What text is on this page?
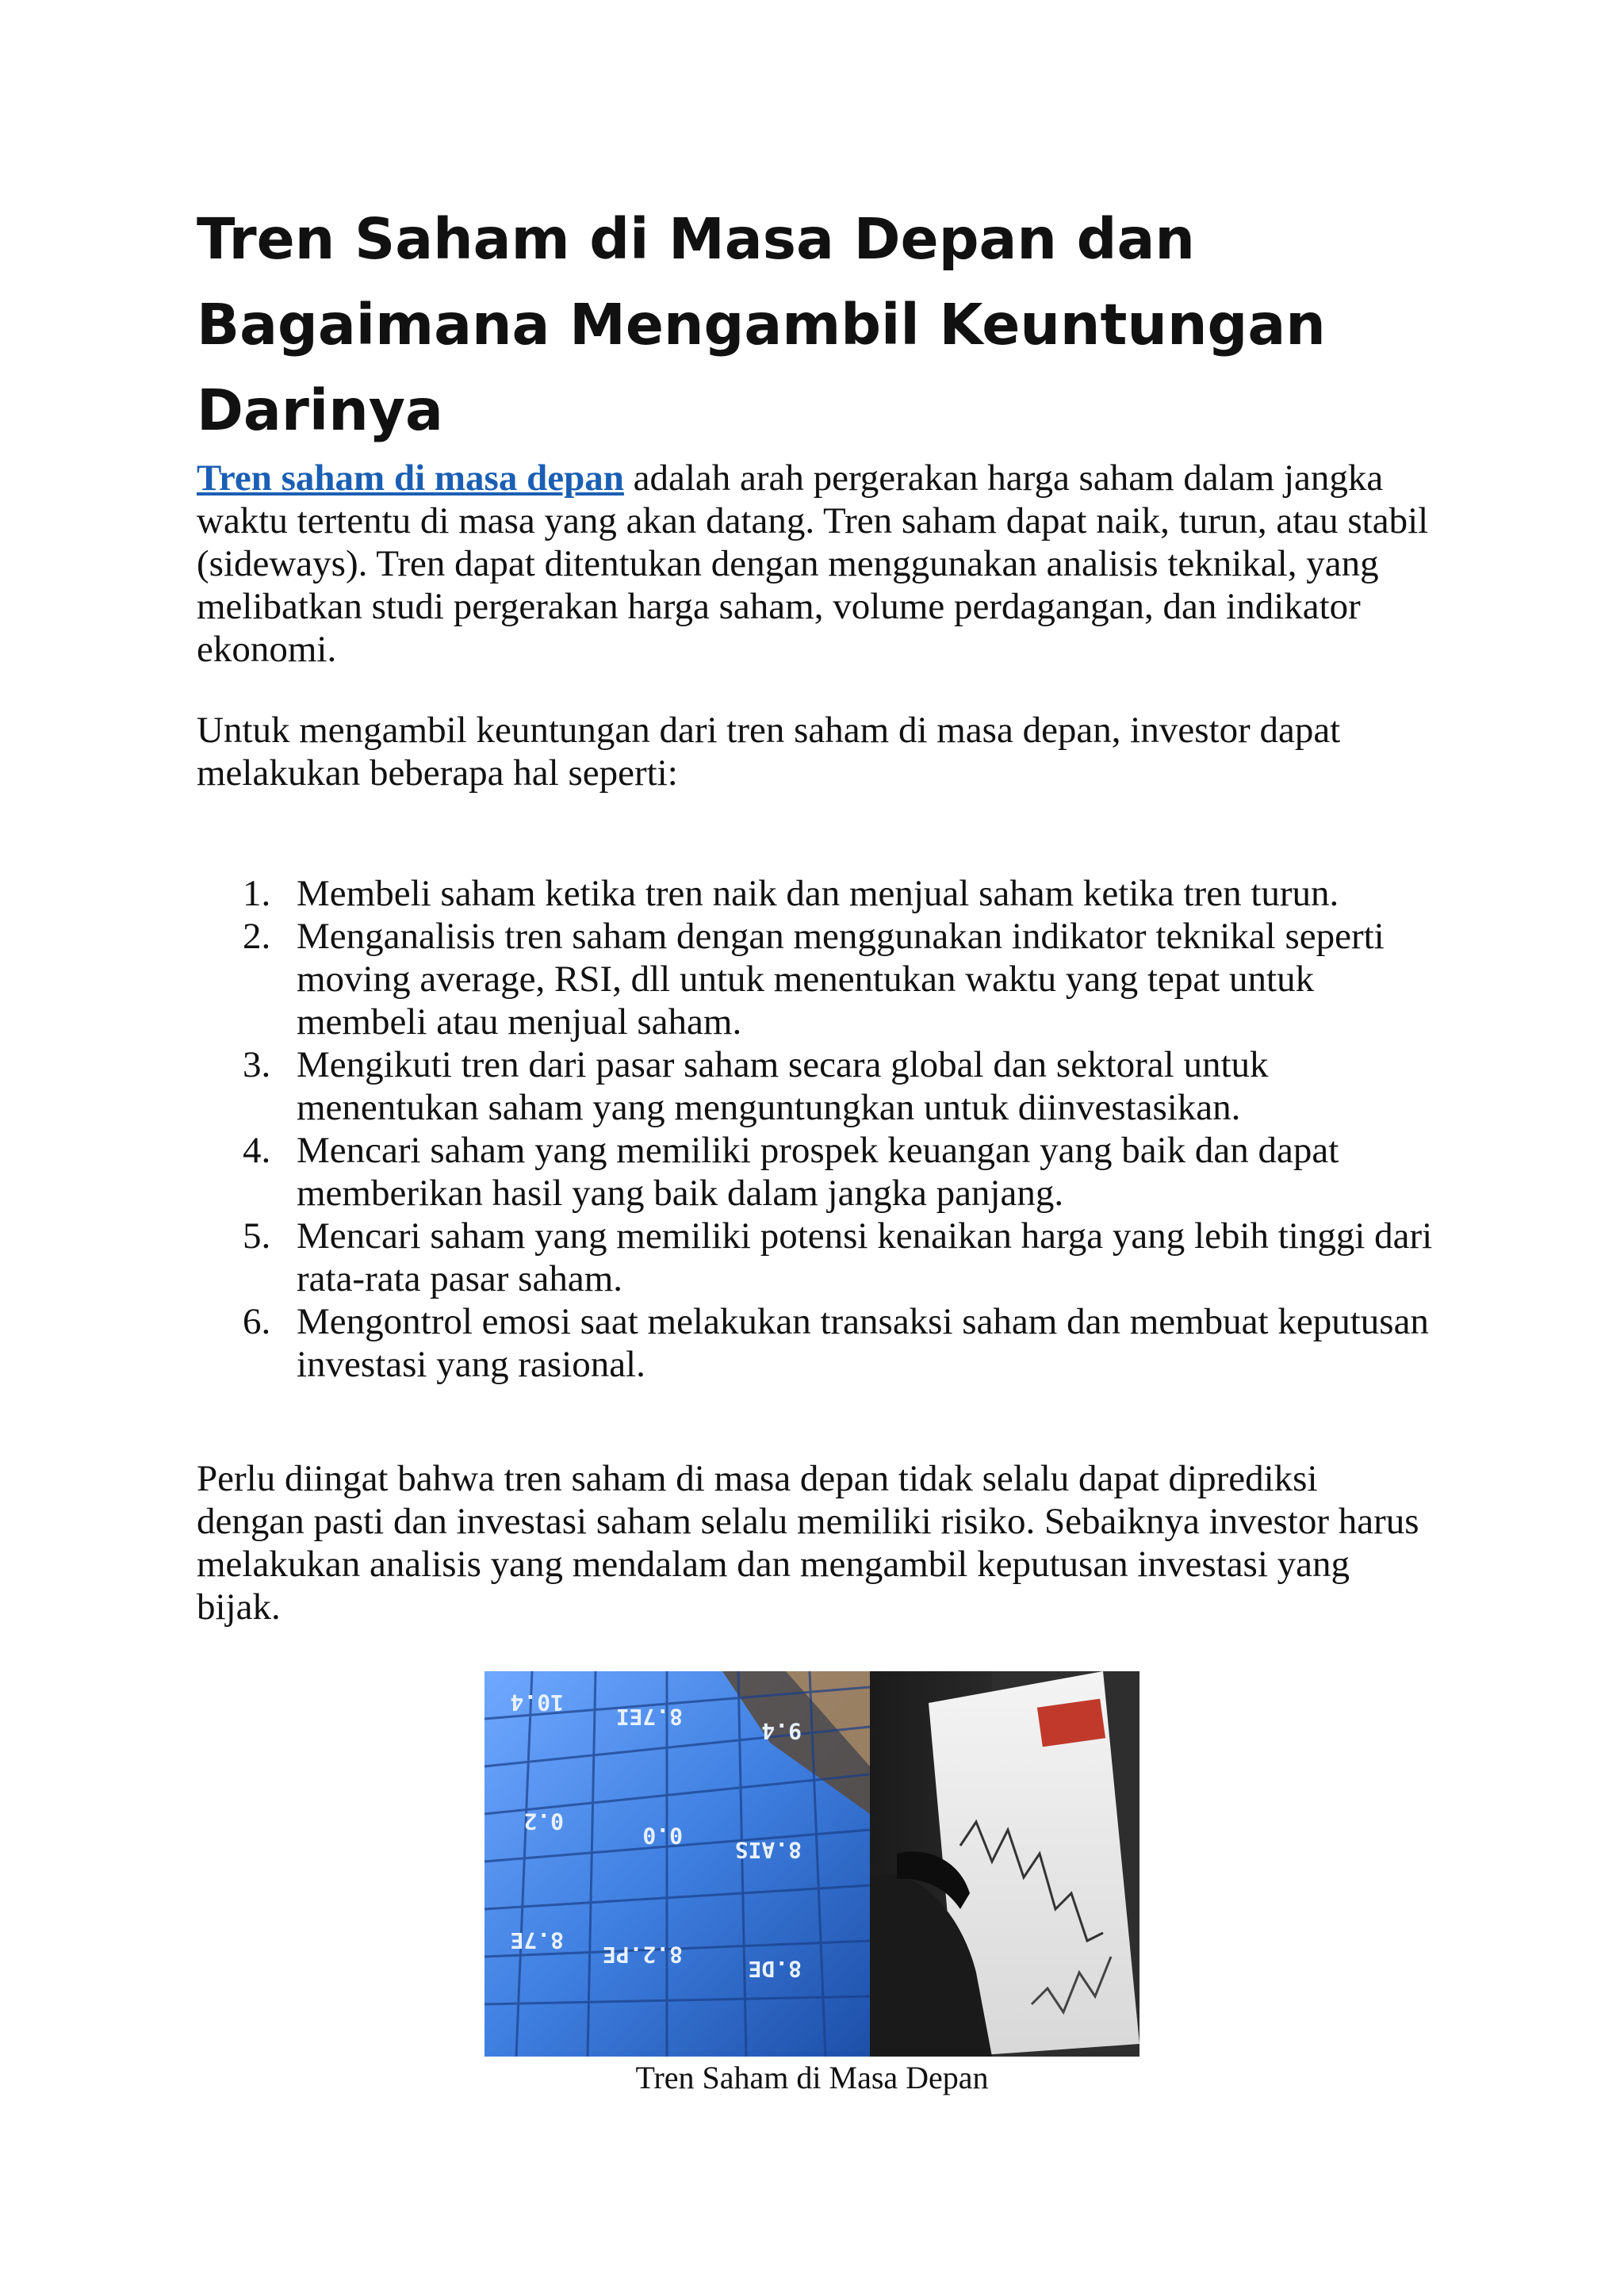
Tren Saham di Masa Depan dan Bagaimana Mengambil Keuntungan Darinya

Tren saham di masa depan adalah arah pergerakan harga saham dalam jangka waktu tertentu di masa yang akan datang. Tren saham dapat naik, turun, atau stabil (sideways). Tren dapat ditentukan dengan menggunakan analisis teknikal, yang melibatkan studi pergerakan harga saham, volume perdagangan, dan indikator ekonomi.

Untuk mengambil keuntungan dari tren saham di masa depan, investor dapat melakukan beberapa hal seperti:

1. Membeli saham ketika tren naik dan menjual saham ketika tren turun.
2. Menganalisis tren saham dengan menggunakan indikator teknikal seperti moving average, RSI, dll untuk menentukan waktu yang tepat untuk membeli atau menjual saham.
3. Mengikuti tren dari pasar saham secara global dan sektoral untuk menentukan saham yang menguntungkan untuk diinvestasikan.
4. Mencari saham yang memiliki prospek keuangan yang baik dan dapat memberikan hasil yang baik dalam jangka panjang.
5. Mencari saham yang memiliki potensi kenaikan harga yang lebih tinggi dari rata-rata pasar saham.
6. Mengontrol emosi saat melakukan transaksi saham dan membuat keputusan investasi yang rasional.

Perlu diingat bahwa tren saham di masa depan tidak selalu dapat diprediksi dengan pasti dan investasi saham selalu memiliki risiko. Sebaiknya investor harus melakukan analisis yang mendalam dan mengambil keputusan investasi yang bijak.

10.4
8.7EI
9.4
0.2
0.0
8.AIS
8.7E
8.2.PE
8.DE
Tren Saham di Masa Depan
